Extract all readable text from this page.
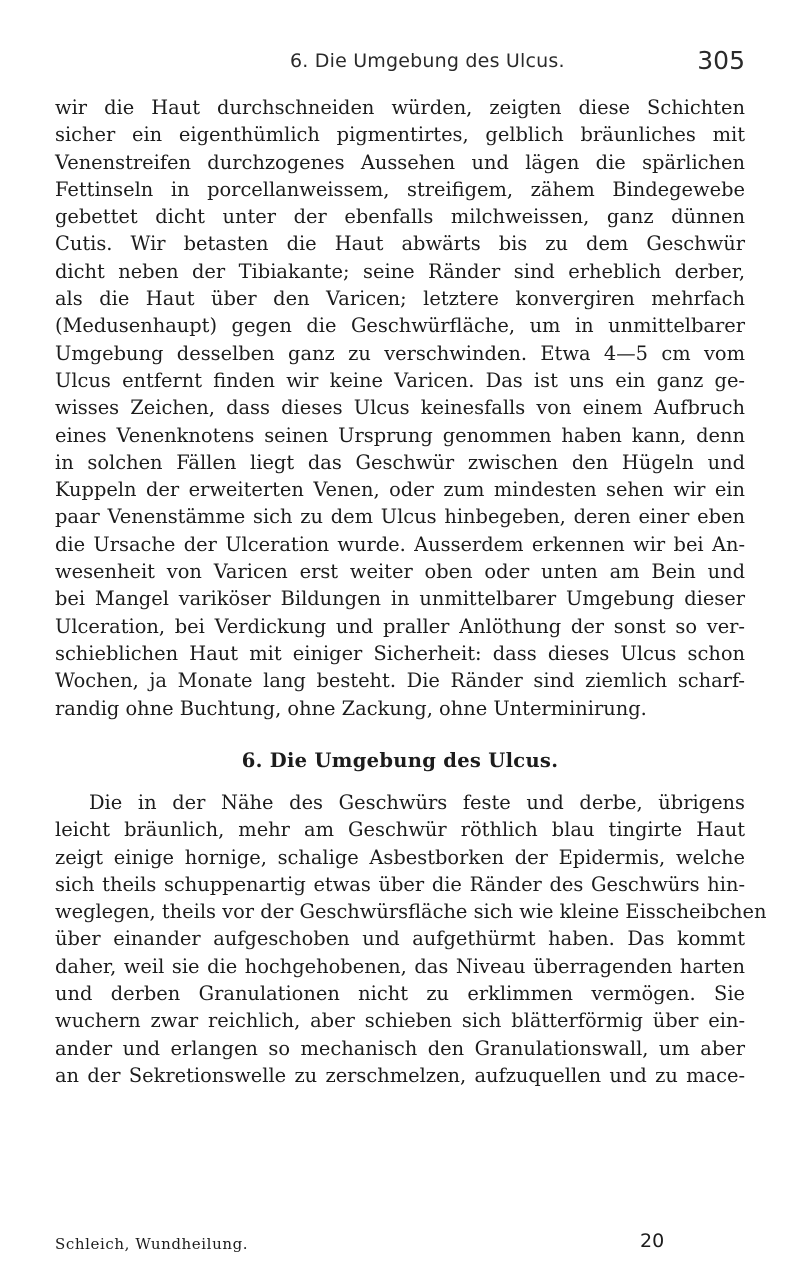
6. Die Umgebung des Ulcus.	305
wir die Haut durchschneiden würden, zeigten diese Schichten
sicher ein eigenthümlich pigmentirtes, gelblich bräunliches mit
Venenstreifen durchzogenes Aussehen und lägen die spärlichen
Fettinseln in porcellanweissem, streifigem, zähem Bindegewebe
gebettet dicht unter der ebenfalls milchweissen, ganz dünnen
Cutis. Wir betasten die Haut abwärts bis zu dem Geschwür
dicht neben der Tibiakante; seine Ränder sind erheblich derber,
als die Haut über den Varicen; letztere konvergiren mehrfach
(Medusenhaupt) gegen die Geschwürfläche, um in unmittelbarer
Umgebung desselben ganz zu verschwinden. Etwa 4—5 cm vom
Ulcus entfernt finden wir keine Varicen. Das ist uns ein ganz ge-
wisses Zeichen, dass dieses Ulcus keinesfalls von einem Aufbruch
eines Venenknotens seinen Ursprung genommen haben kann, denn
in solchen Fällen liegt das Geschwür zwischen den Hügeln und
Kuppeln der erweiterten Venen, oder zum mindesten sehen wir ein
paar Venenstämme sich zu dem Ulcus hinbegeben, deren einer eben
die Ursache der Ulceration wurde. Ausserdem erkennen wir bei An-
wesenheit von Varicen erst weiter oben oder unten am Bein und
bei Mangel variköser Bildungen in unmittelbarer Umgebung dieser
Ulceration, bei Verdickung und praller Anlöthung der sonst so ver-
schieblichen Haut mit einiger Sicherheit: dass dieses Ulcus schon
Wochen, ja Monate lang besteht. Die Ränder sind ziemlich scharf-
randig ohne Buchtung, ohne Zackung, ohne Unterminirung.
6. Die Umgebung des Ulcus.
Die in der Nähe des Geschwürs feste und derbe, übrigens
leicht bräunlich, mehr am Geschwür röthlich blau tingirte Haut
zeigt einige hornige, schalige Asbestborken der Epidermis, welche
sich theils schuppenartig etwas über die Ränder des Geschwürs hin-
weglegen, theils vor der Geschwürsfläche sich wie kleine Eisscheibchen
über einander aufgeschoben und aufgethürmt haben. Das kommt
daher, weil sie die hochgehobenen, das Niveau überragenden harten
und derben Granulationen nicht zu erklimmen vermögen. Sie
wuchern zwar reichlich, aber schieben sich blätterförmig über ein-
ander und erlangen so mechanisch den Granulationswall, um aber
an der Sekretionswelle zu zerschmelzen, aufzuquellen und zu mace-
Schleich, Wundheilung.	20
